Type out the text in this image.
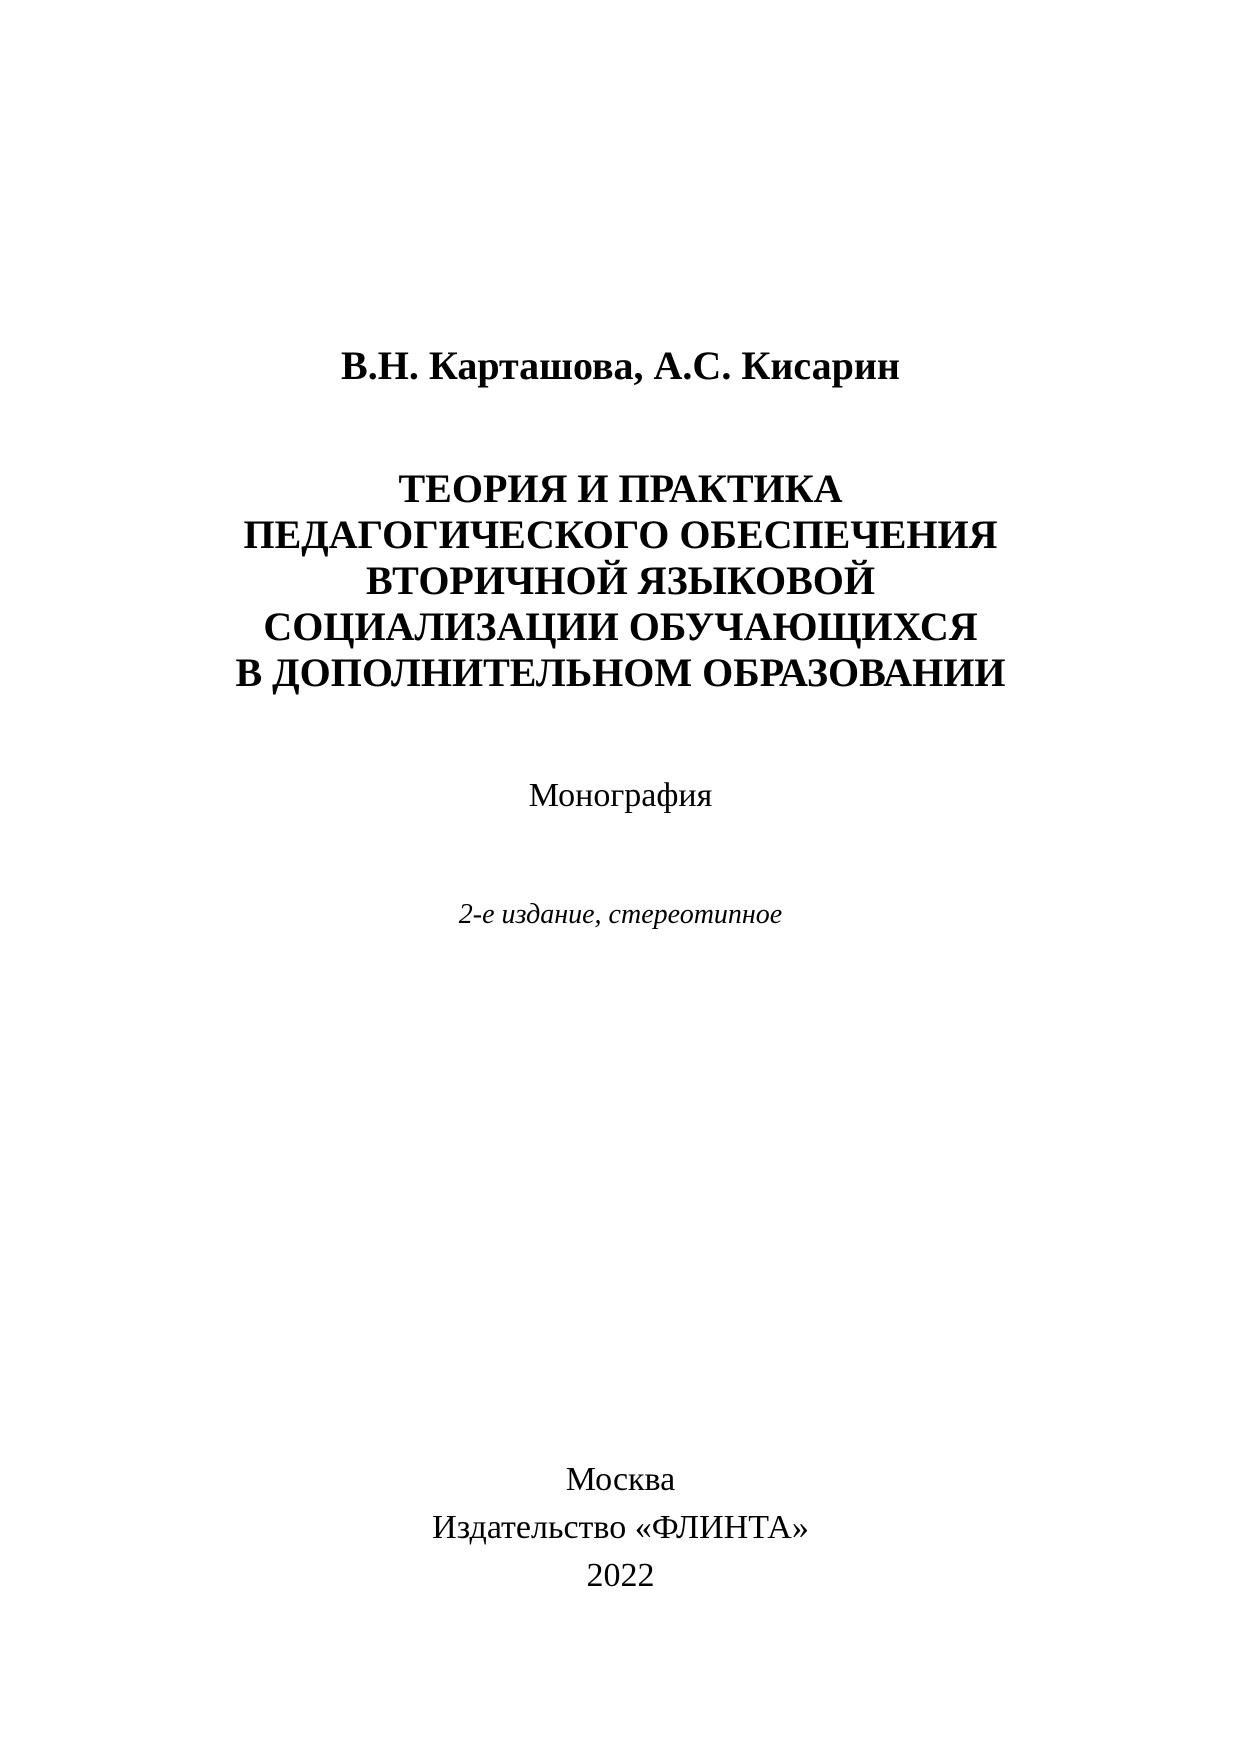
В.Н. Карташова, А.С. Кисарин
ТЕОРИЯ И ПРАКТИКА
ПЕДАГОГИЧЕСКОГО ОБЕСПЕЧЕНИЯ
ВТОРИЧНОЙ ЯЗЫКОВОЙ
СОЦИАЛИЗАЦИИ ОБУЧАЮЩИХСЯ
В ДОПОЛНИТЕЛЬНОМ ОБРАЗОВАНИИ
Монография
2-е издание, стереотипное
Москва
Издательство «ФЛИНТА»
2022
